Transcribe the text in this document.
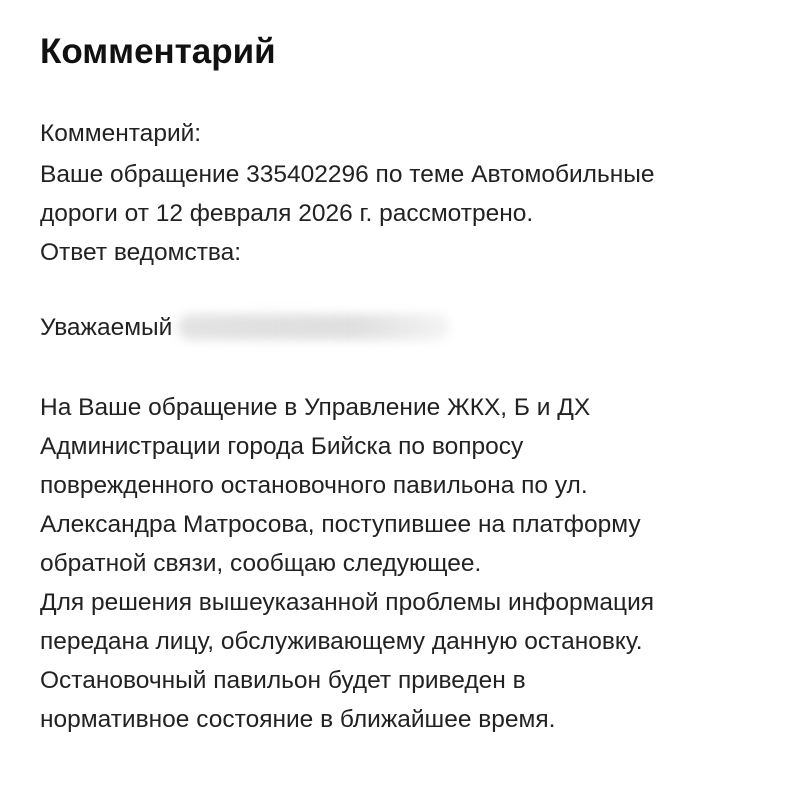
Комментарий

Комментарий:

Ваше обращение 335402296 по теме Автомобильные

дороги от 12 февраля 2026 г. рассмотрено.

Ответ ведомства:

Уважаемый

На Ваше обращение в Управление ЖКХ, Б и ДХ

Администрации города Бийска по вопросу

поврежденного остановочного павильона по ул.

Александра Матросова, поступившее на платформу

обратной связи, сообщаю следующее.

Для решения вышеуказанной проблемы информация

передана лицу, обслуживающему данную остановку.

Остановочный павильон будет приведен в

нормативное состояние в ближайшее время.
